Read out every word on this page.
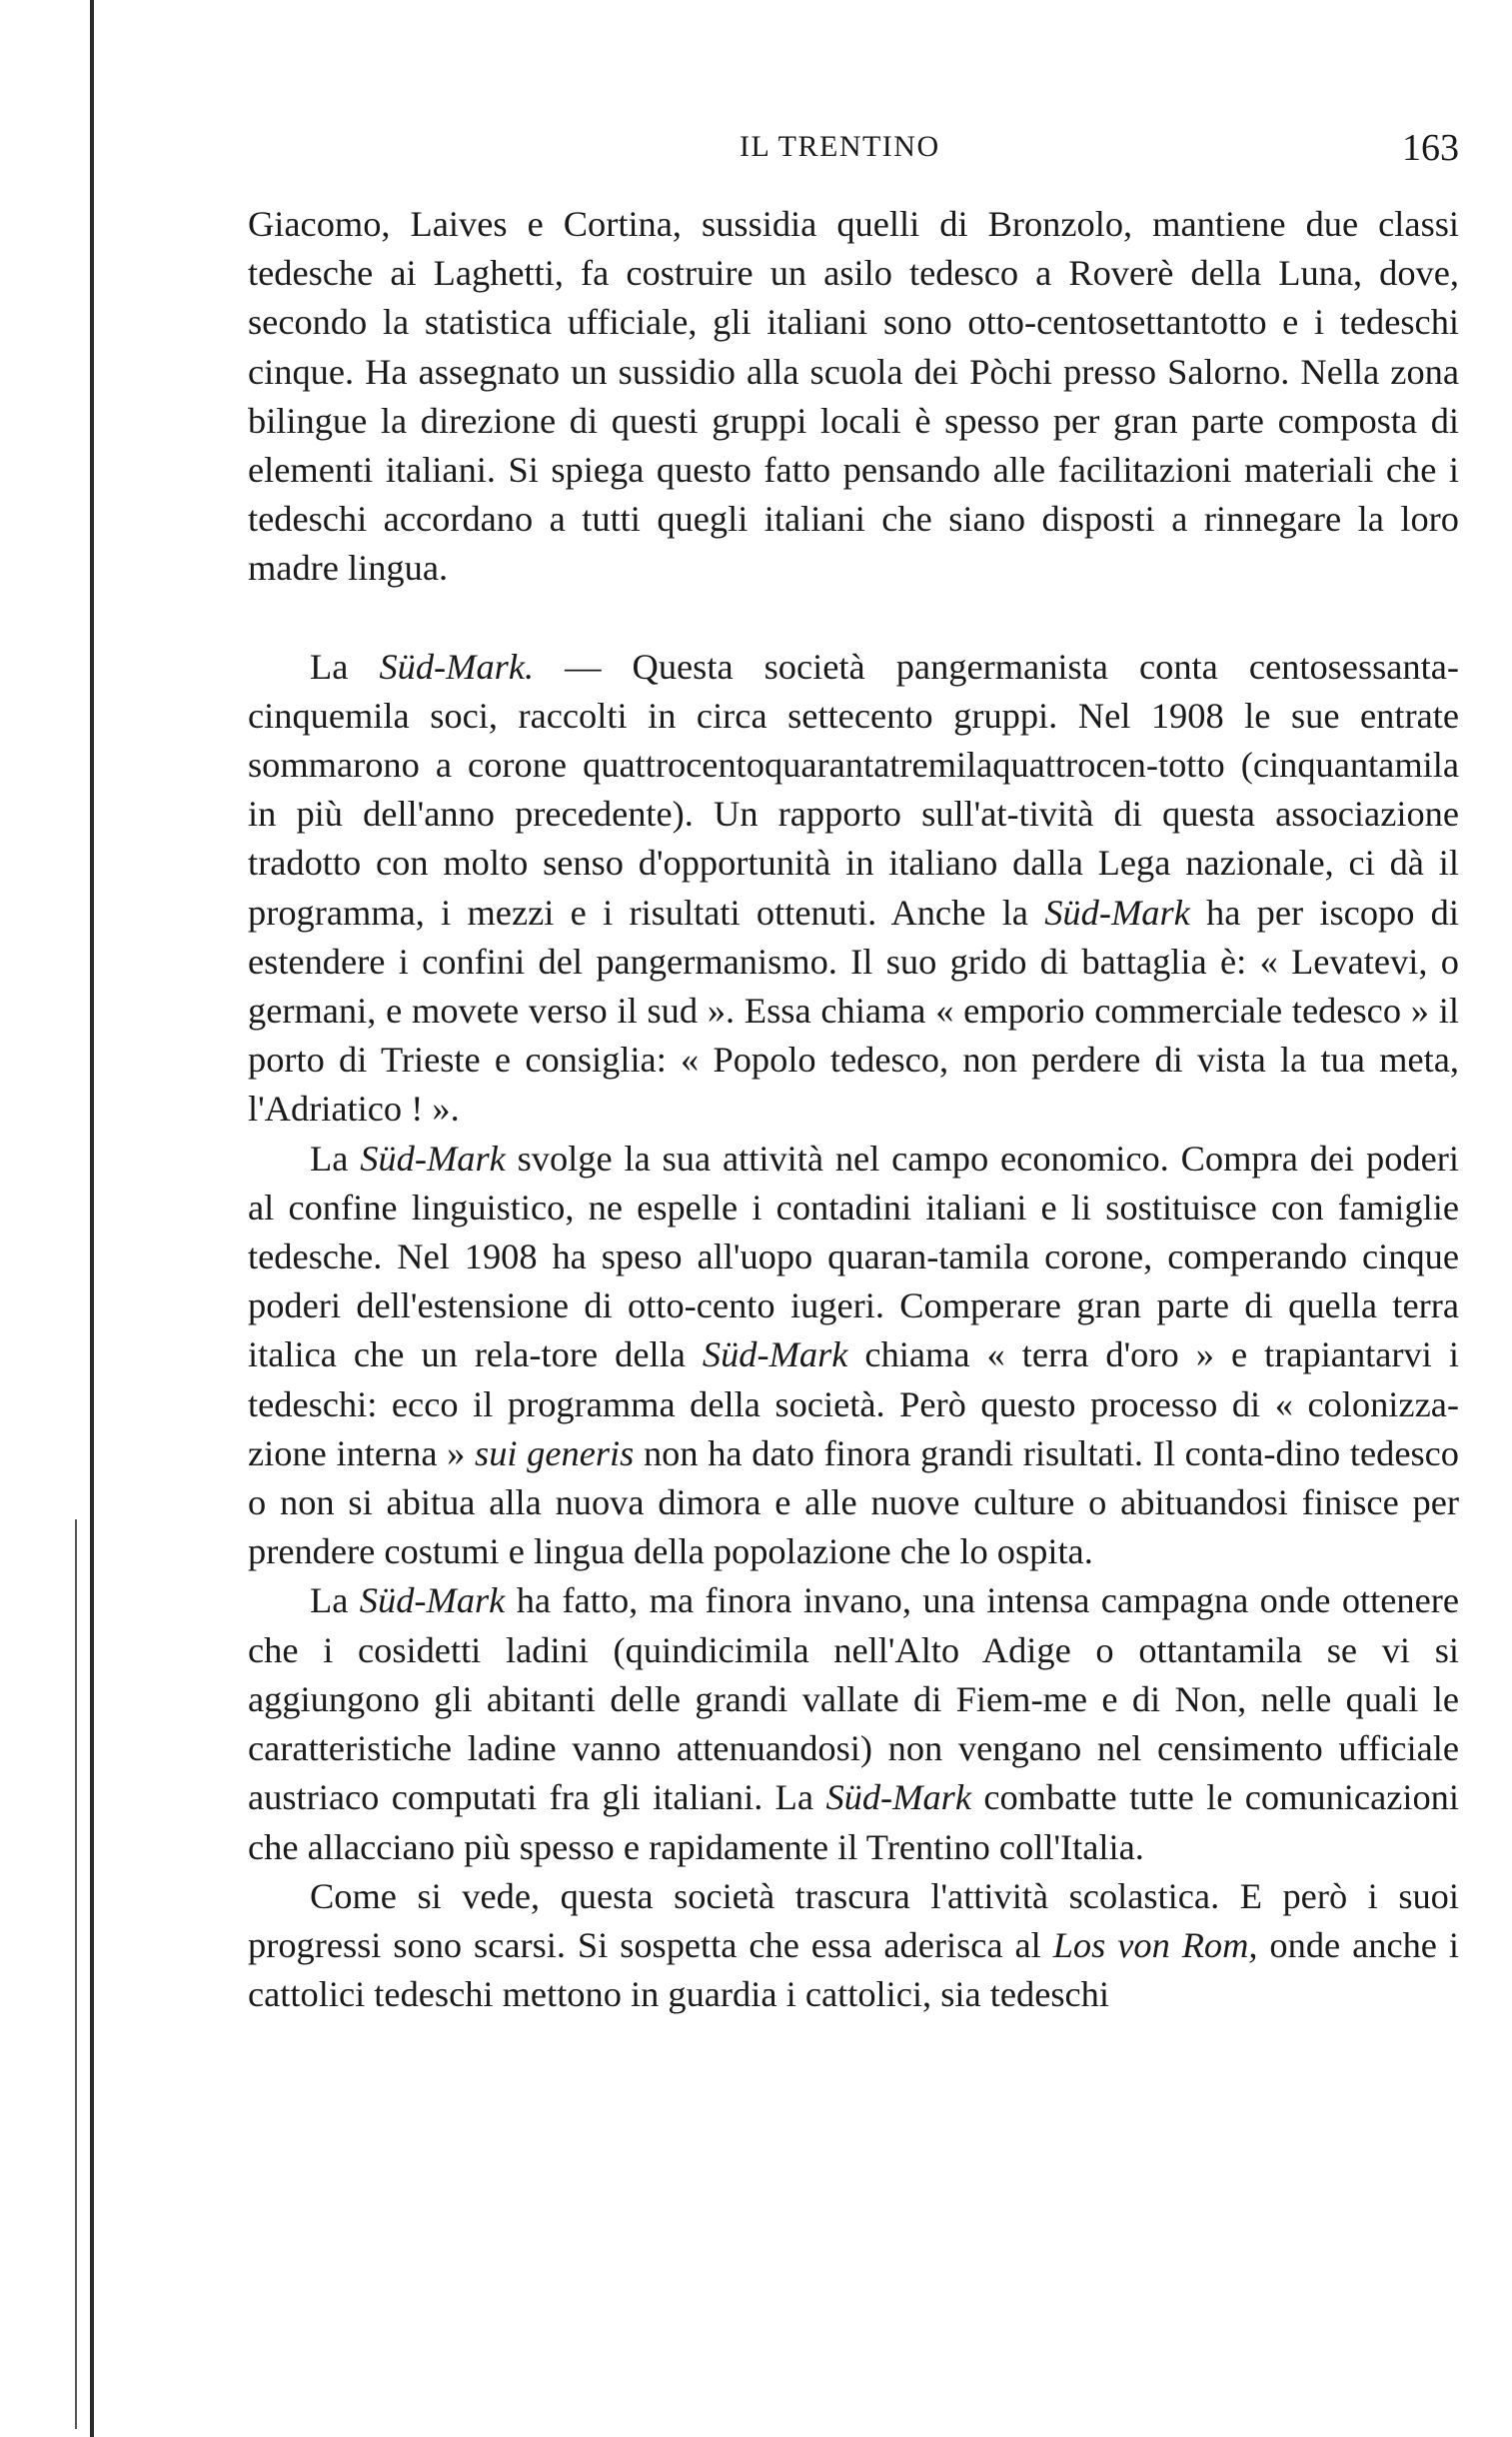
IL TRENTINO	163

Giacomo, Laives e Cortina, sussidia quelli di Bronzolo, mantiene due classi tedesche ai Laghetti, fa costruire un asilo tedesco a Roverè della Luna, dove, secondo la statistica ufficiale, gli italiani sono otto-centosettantotto e i tedeschi cinque. Ha assegnato un sussidio alla scuola dei Pòchi presso Salorno. Nella zona bilingue la direzione di questi gruppi locali è spesso per gran parte composta di elementi italiani. Si spiega questo fatto pensando alle facilitazioni materiali che i tedeschi accordano a tutti quegli italiani che siano disposti a rinnegare la loro madre lingua.

La Süd-Mark. — Questa società pangermanista conta centosessanta-cinquemila soci, raccolti in circa settecento gruppi. Nel 1908 le sue entrate sommarono a corone quattrocentoquarantatremilaquattrocen-totto (cinquantamila in più dell'anno precedente). Un rapporto sull'at-tività di questa associazione tradotto con molto senso d'opportunità in italiano dalla Lega nazionale, ci dà il programma, i mezzi e i risultati ottenuti. Anche la Süd-Mark ha per iscopo di estendere i confini del pangermanismo. Il suo grido di battaglia è: « Levatevi, o germani, e movete verso il sud ». Essa chiama « emporio commerciale tedesco » il porto di Trieste e consiglia: « Popolo tedesco, non perdere di vista la tua meta, l'Adriatico ! ».

La Süd-Mark svolge la sua attività nel campo economico. Compra dei poderi al confine linguistico, ne espelle i contadini italiani e li sostituisce con famiglie tedesche. Nel 1908 ha speso all'uopo quaran-tamila corone, comperando cinque poderi dell'estensione di otto-cento iugeri. Comperare gran parte di quella terra italica che un rela-tore della Süd-Mark chiama « terra d'oro » e trapiantarvi i tedeschi: ecco il programma della società. Però questo processo di « colonizza-zione interna » sui generis non ha dato finora grandi risultati. Il conta-dino tedesco o non si abitua alla nuova dimora e alle nuove culture o abituandosi finisce per prendere costumi e lingua della popolazione che lo ospita.

La Süd-Mark ha fatto, ma finora invano, una intensa campagna onde ottenere che i cosidetti ladini (quindicimila nell'Alto Adige o ottantamila se vi si aggiungono gli abitanti delle grandi vallate di Fiem-me e di Non, nelle quali le caratteristiche ladine vanno attenuandosi) non vengano nel censimento ufficiale austriaco computati fra gli italiani. La Süd-Mark combatte tutte le comunicazioni che allacciano più spesso e rapidamente il Trentino coll'Italia.

Come si vede, questa società trascura l'attività scolastica. E però i suoi progressi sono scarsi. Si sospetta che essa aderisca al Los von Rom, onde anche i cattolici tedeschi mettono in guardia i cattolici, sia tedeschi
